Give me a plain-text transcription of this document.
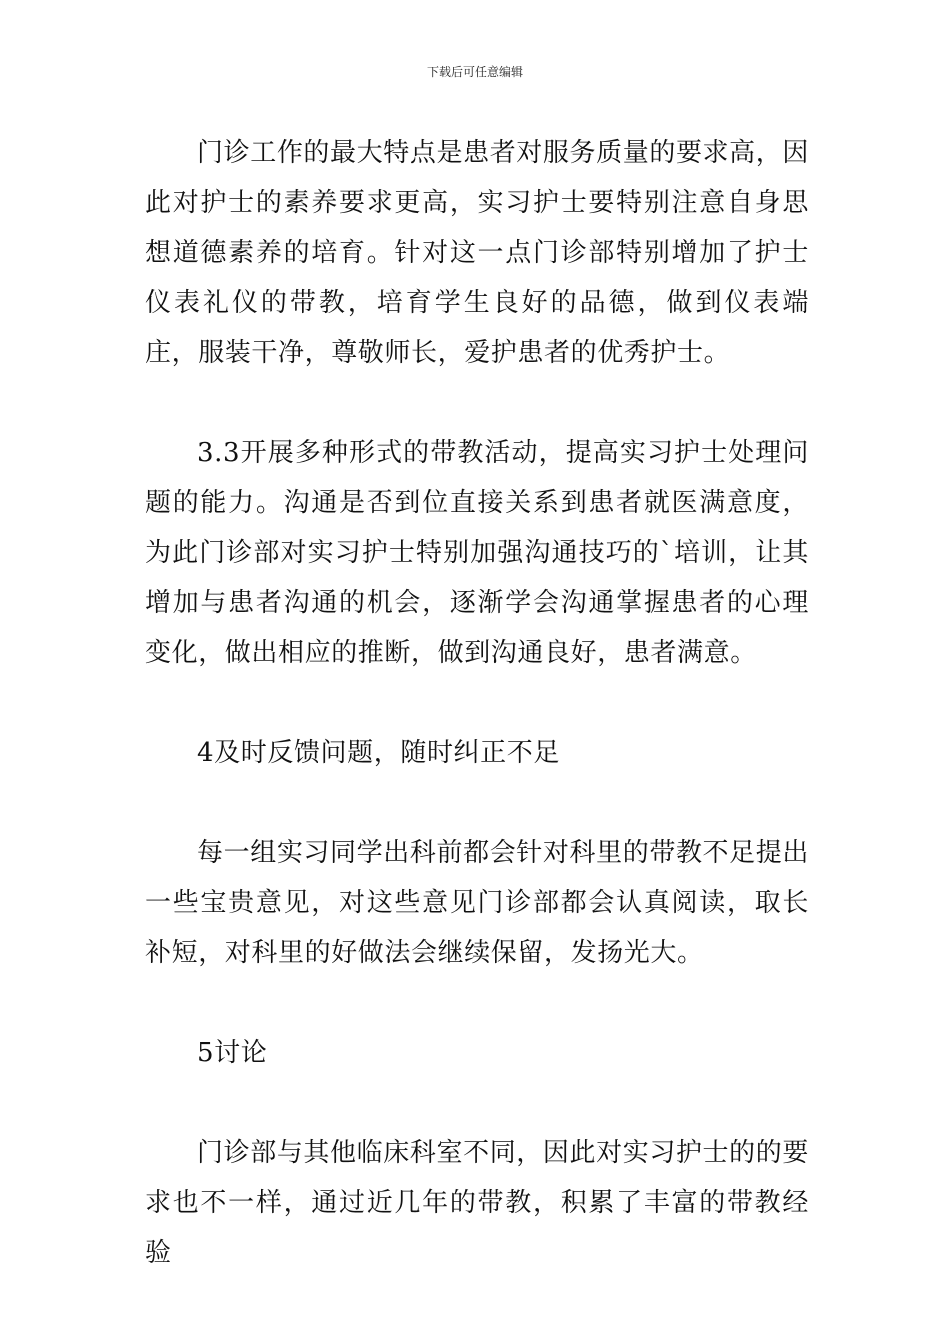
下载后可任意编辑

门诊工作的最大特点是患者对服务质量的要求高，因此对护士的素养要求更高，实习护士要特别注意自身思想道德素养的培育。针对这一点门诊部特别增加了护士仪表礼仪的带教，培育学生良好的品德，做到仪表端庄，服装干净，尊敬师长，爱护患者的优秀护士。

3.3开展多种形式的带教活动，提高实习护士处理问题的能力。沟通是否到位直接关系到患者就医满意度，为此门诊部对实习护士特别加强沟通技巧的`培训，让其增加与患者沟通的机会，逐渐学会沟通掌握患者的心理变化，做出相应的推断，做到沟通良好，患者满意。

4及时反馈问题，随时纠正不足

每一组实习同学出科前都会针对科里的带教不足提出一些宝贵意见，对这些意见门诊部都会认真阅读，取长补短，对科里的好做法会继续保留，发扬光大。

5讨论

门诊部与其他临床科室不同，因此对实习护士的的要求也不一样，通过近几年的带教，积累了丰富的带教经验
